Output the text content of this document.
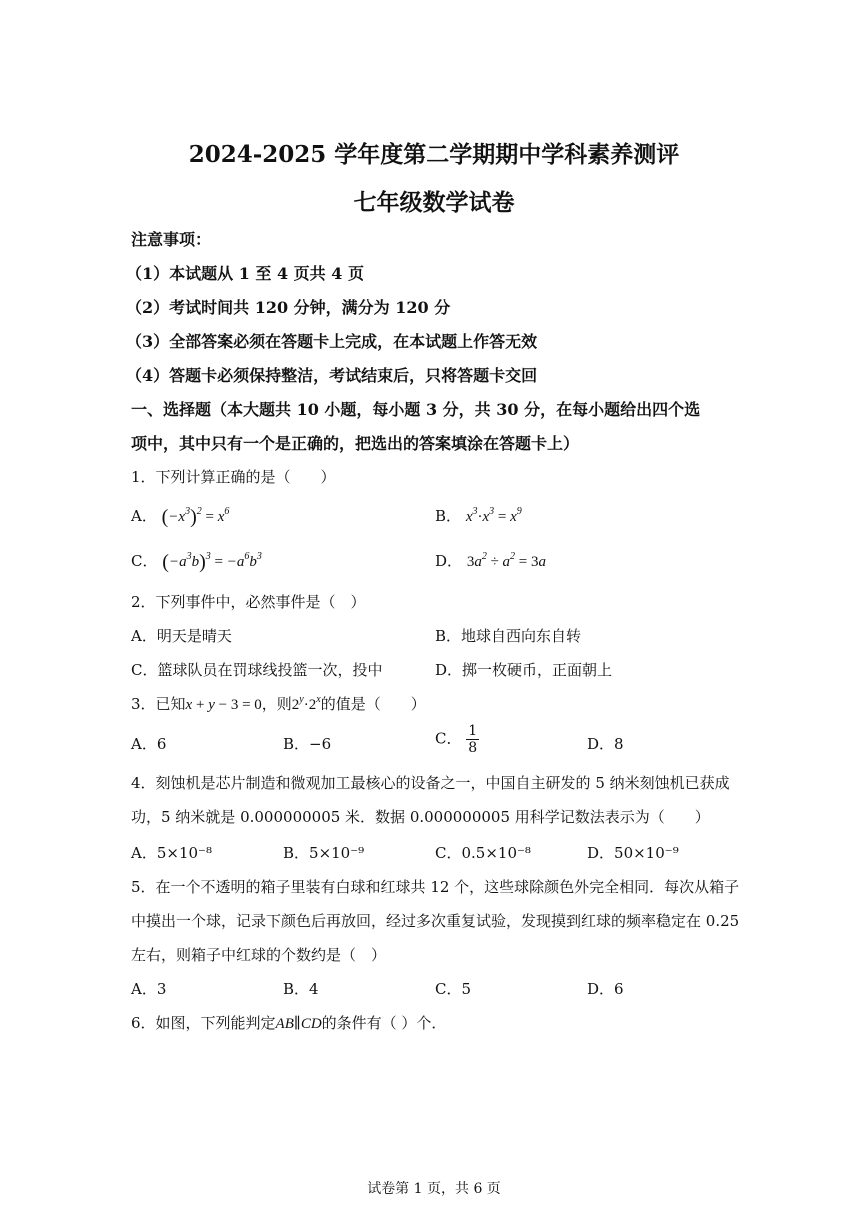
2024-2025 学年度第二学期期中学科素养测评
七年级数学试卷
注意事项：
（1）本试题从 1 至 4 页共 4 页
（2）考试时间共 120 分钟，满分为 120 分
（3）全部答案必须在答题卡上完成，在本试题上作答无效
（4）答题卡必须保持整洁，考试结束后，只将答题卡交回
一、选择题（本大题共 10 小题，每小题 3 分，共 30 分，在每小题给出四个选
项中，其中只有一个是正确的，把选出的答案填涂在答题卡上）
1．下列计算正确的是（　　）
A． $(-x^3)^2 = x^6$	B． $x^3\cdot x^3 = x^9$
C． $(-a^3b)^3 = -a^6b^3$	D． $3a^2 \div a^2 = 3a$
2．下列事件中，必然事件是（　）
A．明天是晴天	B．地球自西向东自转
C．篮球队员在罚球线投篮一次，投中	D．掷一枚硬币，正面朝上
3．已知x + y − 3 = 0，则$2^y\cdot 2^x$的值是（　　）
A．6	B．−6	C． $\frac{1}{8}$	D．8
4．刻蚀机是芯片制造和微观加工最核心的设备之一，中国自主研发的 5 纳米刻蚀机已获成
功，5 纳米就是 0.000000005 米．数据 0.000000005 用科学记数法表示为（　　）
A．5×10⁻⁸	B．5×10⁻⁹	C．0.5×10⁻⁸	D．50×10⁻⁹
5．在一个不透明的箱子里装有白球和红球共 12 个，这些球除颜色外完全相同．每次从箱子
中摸出一个球，记录下颜色后再放回，经过多次重复试验，发现摸到红球的频率稳定在 0.25
左右，则箱子中红球的个数约是（　）
A．3	B．4	C．5	D．6
6．如图，下列能判定AB∥CD的条件有（ ）个．
试卷第 1 页，共 6 页
